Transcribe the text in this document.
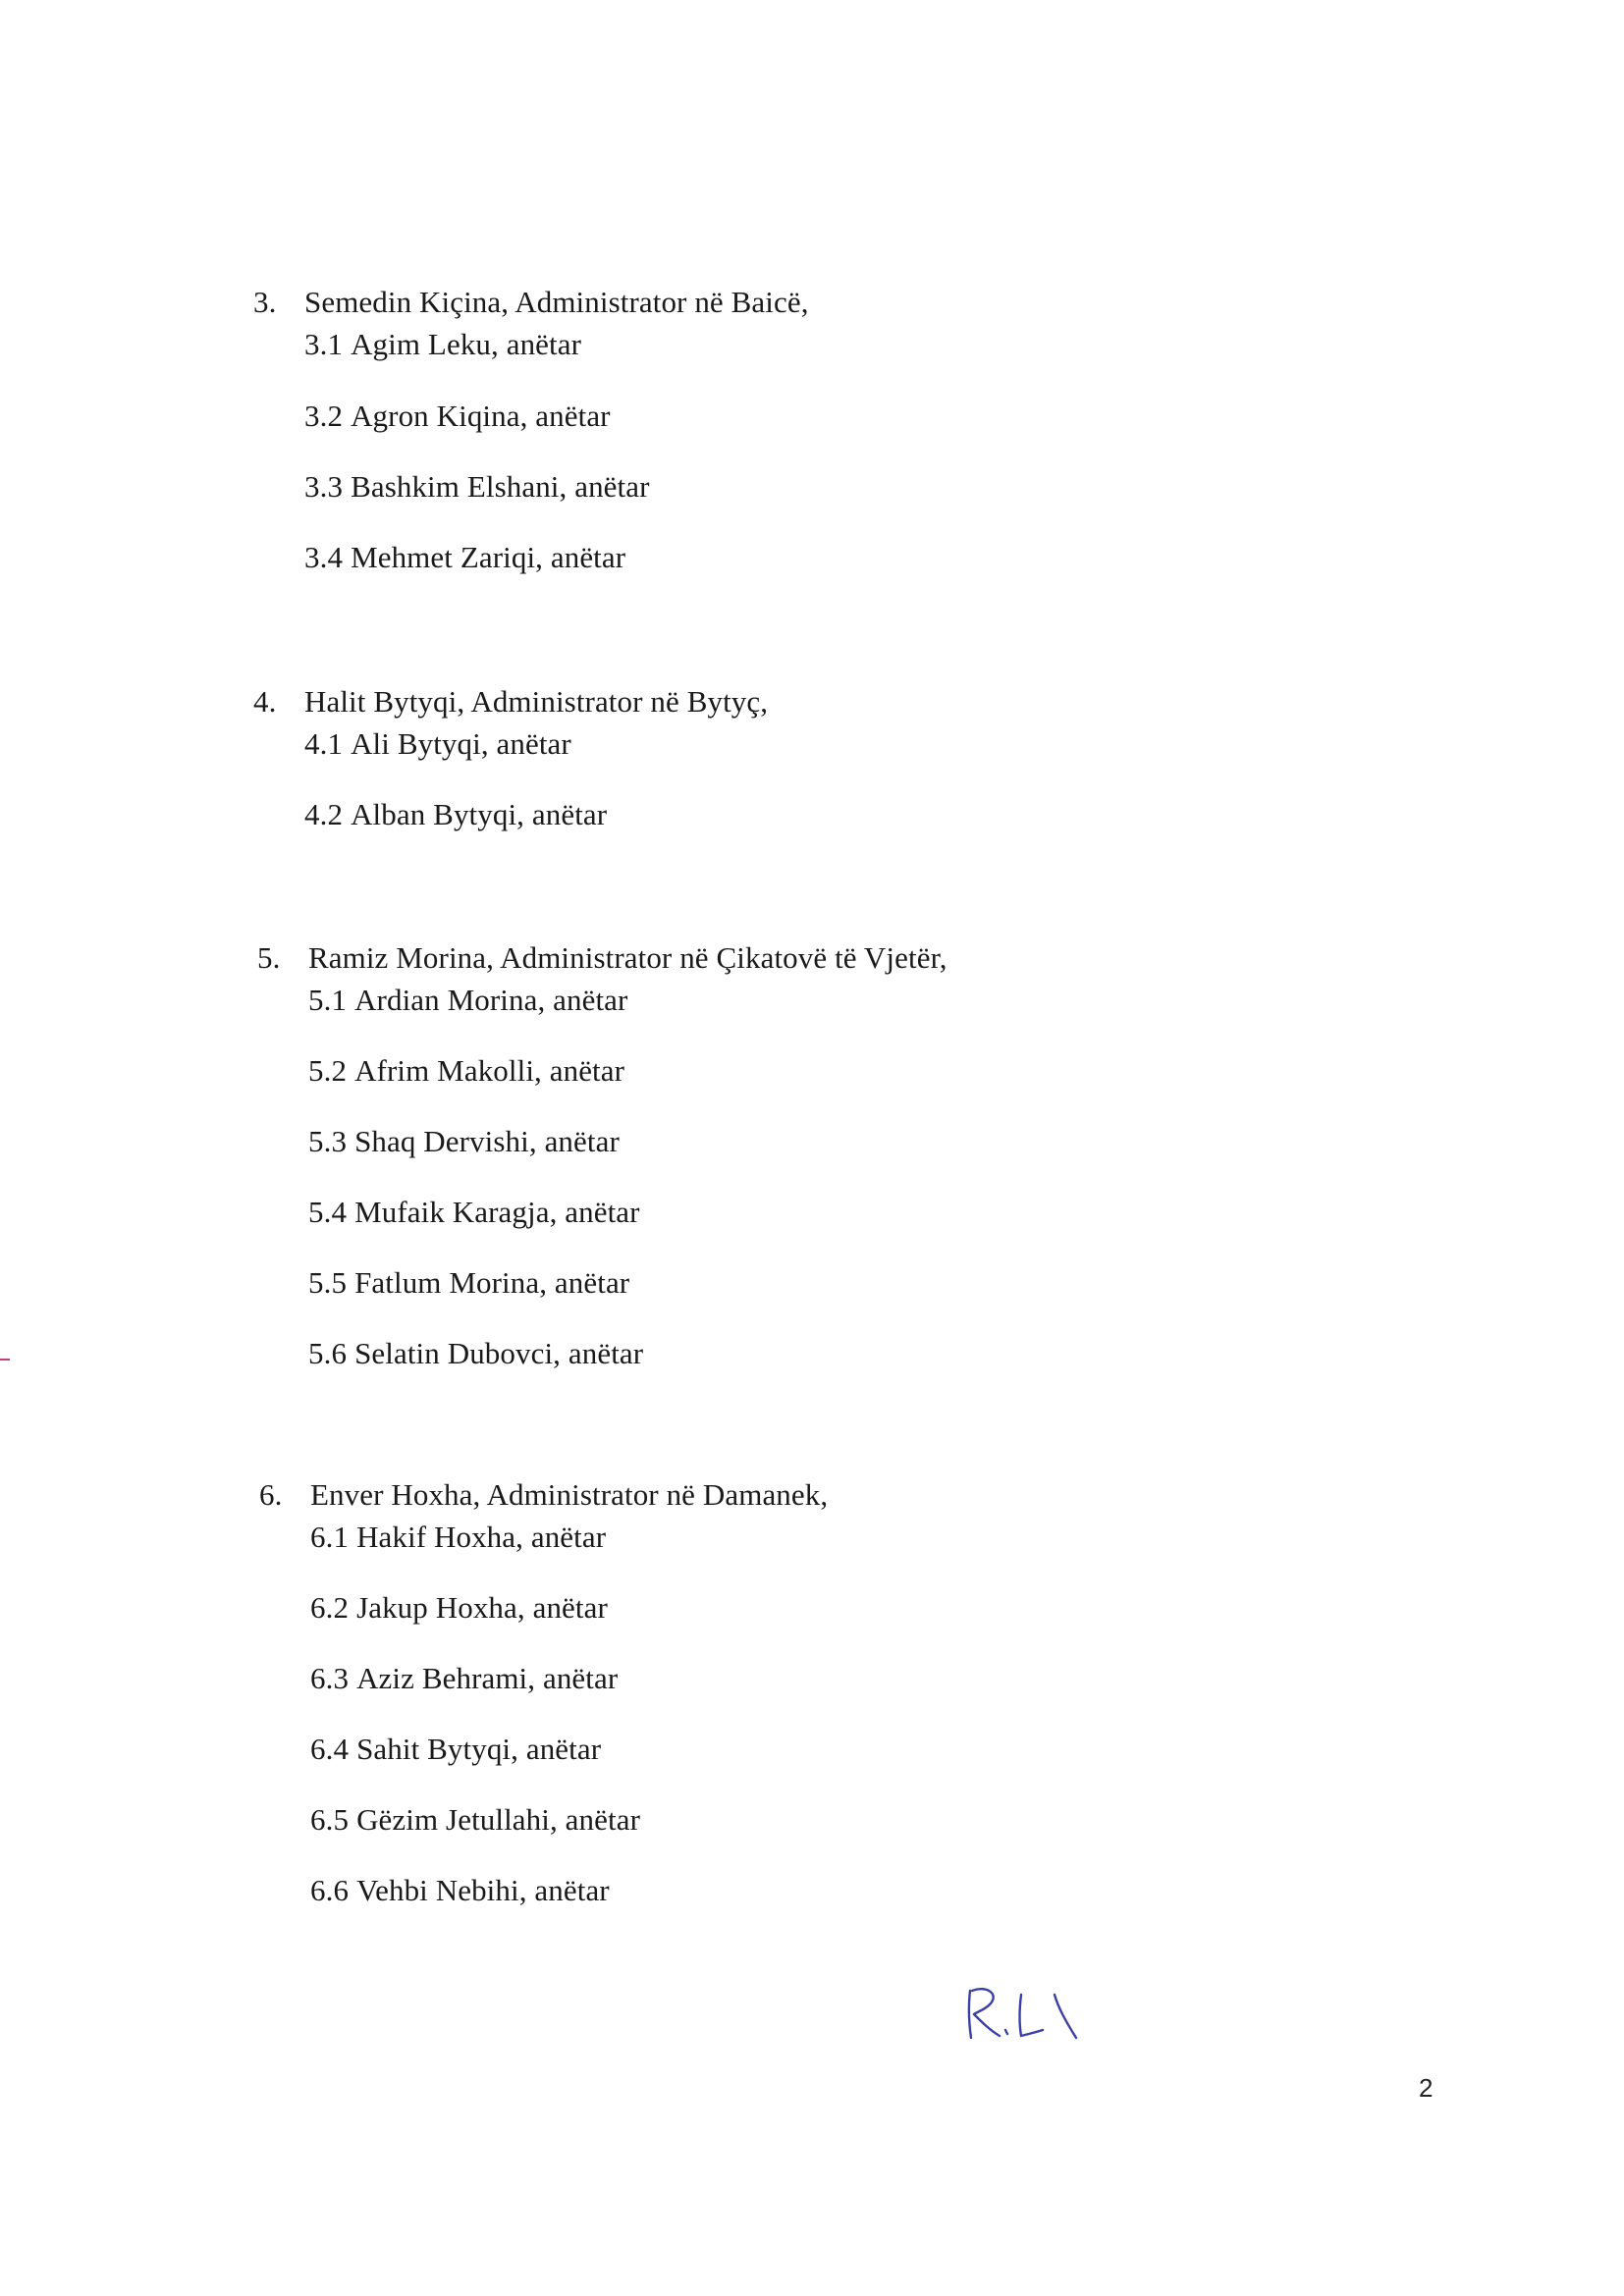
3. Semedin Kiçina, Administrator në Baicë,
3.1 Agim Leku, anëtar
3.2 Agron Kiqina, anëtar
3.3 Bashkim Elshani, anëtar
3.4 Mehmet Zariqi, anëtar
4. Halit Bytyqi, Administrator në Bytyç,
4.1 Ali Bytyqi, anëtar
4.2 Alban Bytyqi, anëtar
5. Ramiz Morina, Administrator në Çikatovë të Vjetër,
5.1 Ardian Morina, anëtar
5.2 Afrim Makolli, anëtar
5.3 Shaq Dervishi, anëtar
5.4 Mufaik Karagja, anëtar
5.5 Fatlum Morina, anëtar
5.6 Selatin Dubovci, anëtar
6. Enver Hoxha, Administrator në Damanek,
6.1 Hakif Hoxha, anëtar
6.2 Jakup Hoxha, anëtar
6.3 Aziz Behrami, anëtar
6.4 Sahit Bytyqi, anëtar
6.5 Gëzim Jetullahi, anëtar
6.6 Vehbi Nebihi, anëtar
2
